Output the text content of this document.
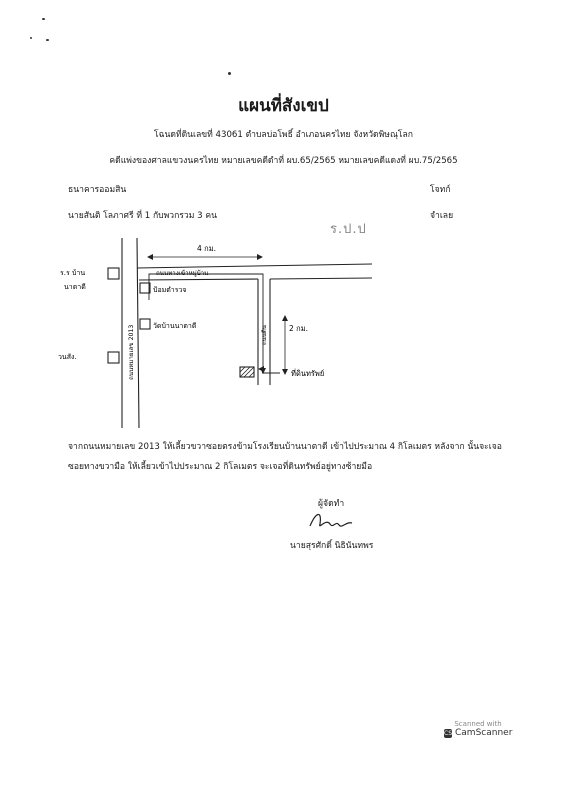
แผนที่สังเขป
โฉนดที่ดินเลขที่ 43061 ตำบลบ่อโพธิ์ อำเภอนครไทย จังหวัดพิษณุโลก
คดีแพ่งของศาลแขวงนครไทย หมายเลขคดีดำที่ ผบ.65/2565 หมายเลขคดีแดงที่ ผบ.75/2565
ธนาคารออมสิน	โจทก์
นายสันติ โลภาศรี ที่ 1 กับพวกรวม 3 คน	จำเลย
ร.ป.ป
4 กม.
2 กม.
ถนนทางเข้าหมู่บ้าน
ถนนหมายเลข 2013	ถนนดิน
ร.ร บ้าน
นาตาดี	ป้อมตำรวจ
วัดบ้านนาตาดี
วนสัง.
ที่ดินทรัพย์
จากถนนหมายเลข 2013 ให้เลี้ยวขวาซอยตรงข้ามโรงเรียนบ้านนาตาดี เข้าไปประมาณ 4 กิโลเมตร หลังจาก นั้นจะเจอซอยทางขวามือ ให้เลี้ยวเข้าไปประมาณ 2 กิโลเมตร จะเจอที่ดินทรัพย์อยู่ทางซ้ายมือ
ผู้จัดทำ
นายสุรศักดิ์ นิธินันทพร
Scanned with
CS CamScanner
